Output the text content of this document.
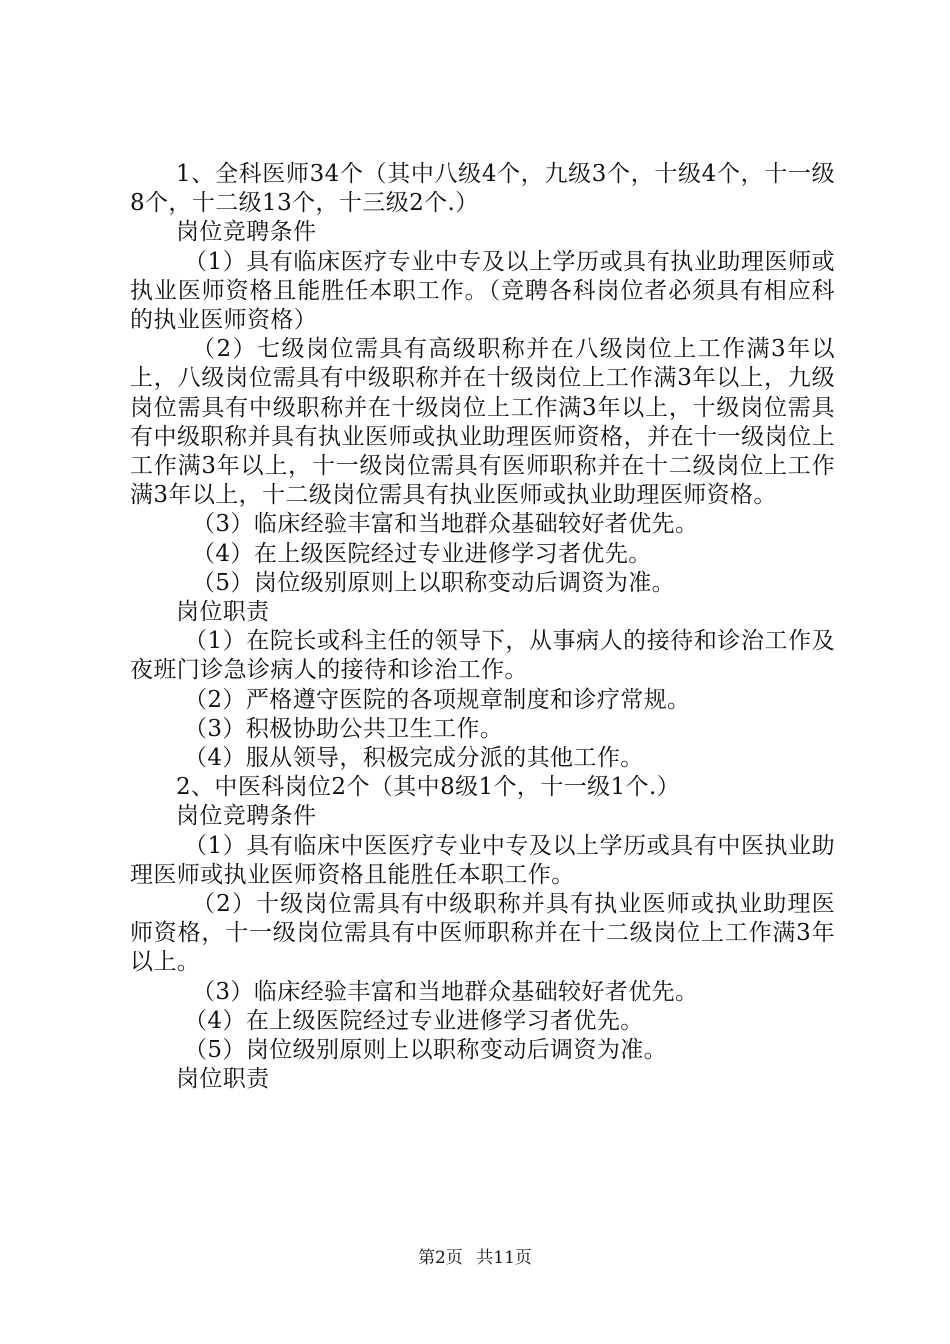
1、全科医师34个（其中八级4个，九级3个，十级4个，十一级8个，十二级13个，十三级2个.）

岗位竞聘条件

（1）具有临床医疗专业中专及以上学历或具有执业助理医师或执业医师资格且能胜任本职工作。（竞聘各科岗位者必须具有相应科的执业医师资格）

（2）七级岗位需具有高级职称并在八级岗位上工作满3年以上，八级岗位需具有中级职称并在十级岗位上工作满3年以上，九级岗位需具有中级职称并在十级岗位上工作满3年以上，十级岗位需具有中级职称并具有执业医师或执业助理医师资格，并在十一级岗位上工作满3年以上，十一级岗位需具有医师职称并在十二级岗位上工作满3年以上，十二级岗位需具有执业医师或执业助理医师资格。

（3）临床经验丰富和当地群众基础较好者优先。

（4）在上级医院经过专业进修学习者优先。

（5）岗位级别原则上以职称变动后调资为准。

岗位职责

（1）在院长或科主任的领导下，从事病人的接待和诊治工作及夜班门诊急诊病人的接待和诊治工作。

（2）严格遵守医院的各项规章制度和诊疗常规。

（3）积极协助公共卫生工作。

（4）服从领导，积极完成分派的其他工作。

2、中医科岗位2个（其中8级1个，十一级1个.）

岗位竞聘条件

（1）具有临床中医医疗专业中专及以上学历或具有中医执业助理医师或执业医师资格且能胜任本职工作。

（2）十级岗位需具有中级职称并具有执业医师或执业助理医师资格，十一级岗位需具有中医师职称并在十二级岗位上工作满3年以上。

（3）临床经验丰富和当地群众基础较好者优先。

（4）在上级医院经过专业进修学习者优先。

（5）岗位级别原则上以职称变动后调资为准。

岗位职责

第2页 共11页
